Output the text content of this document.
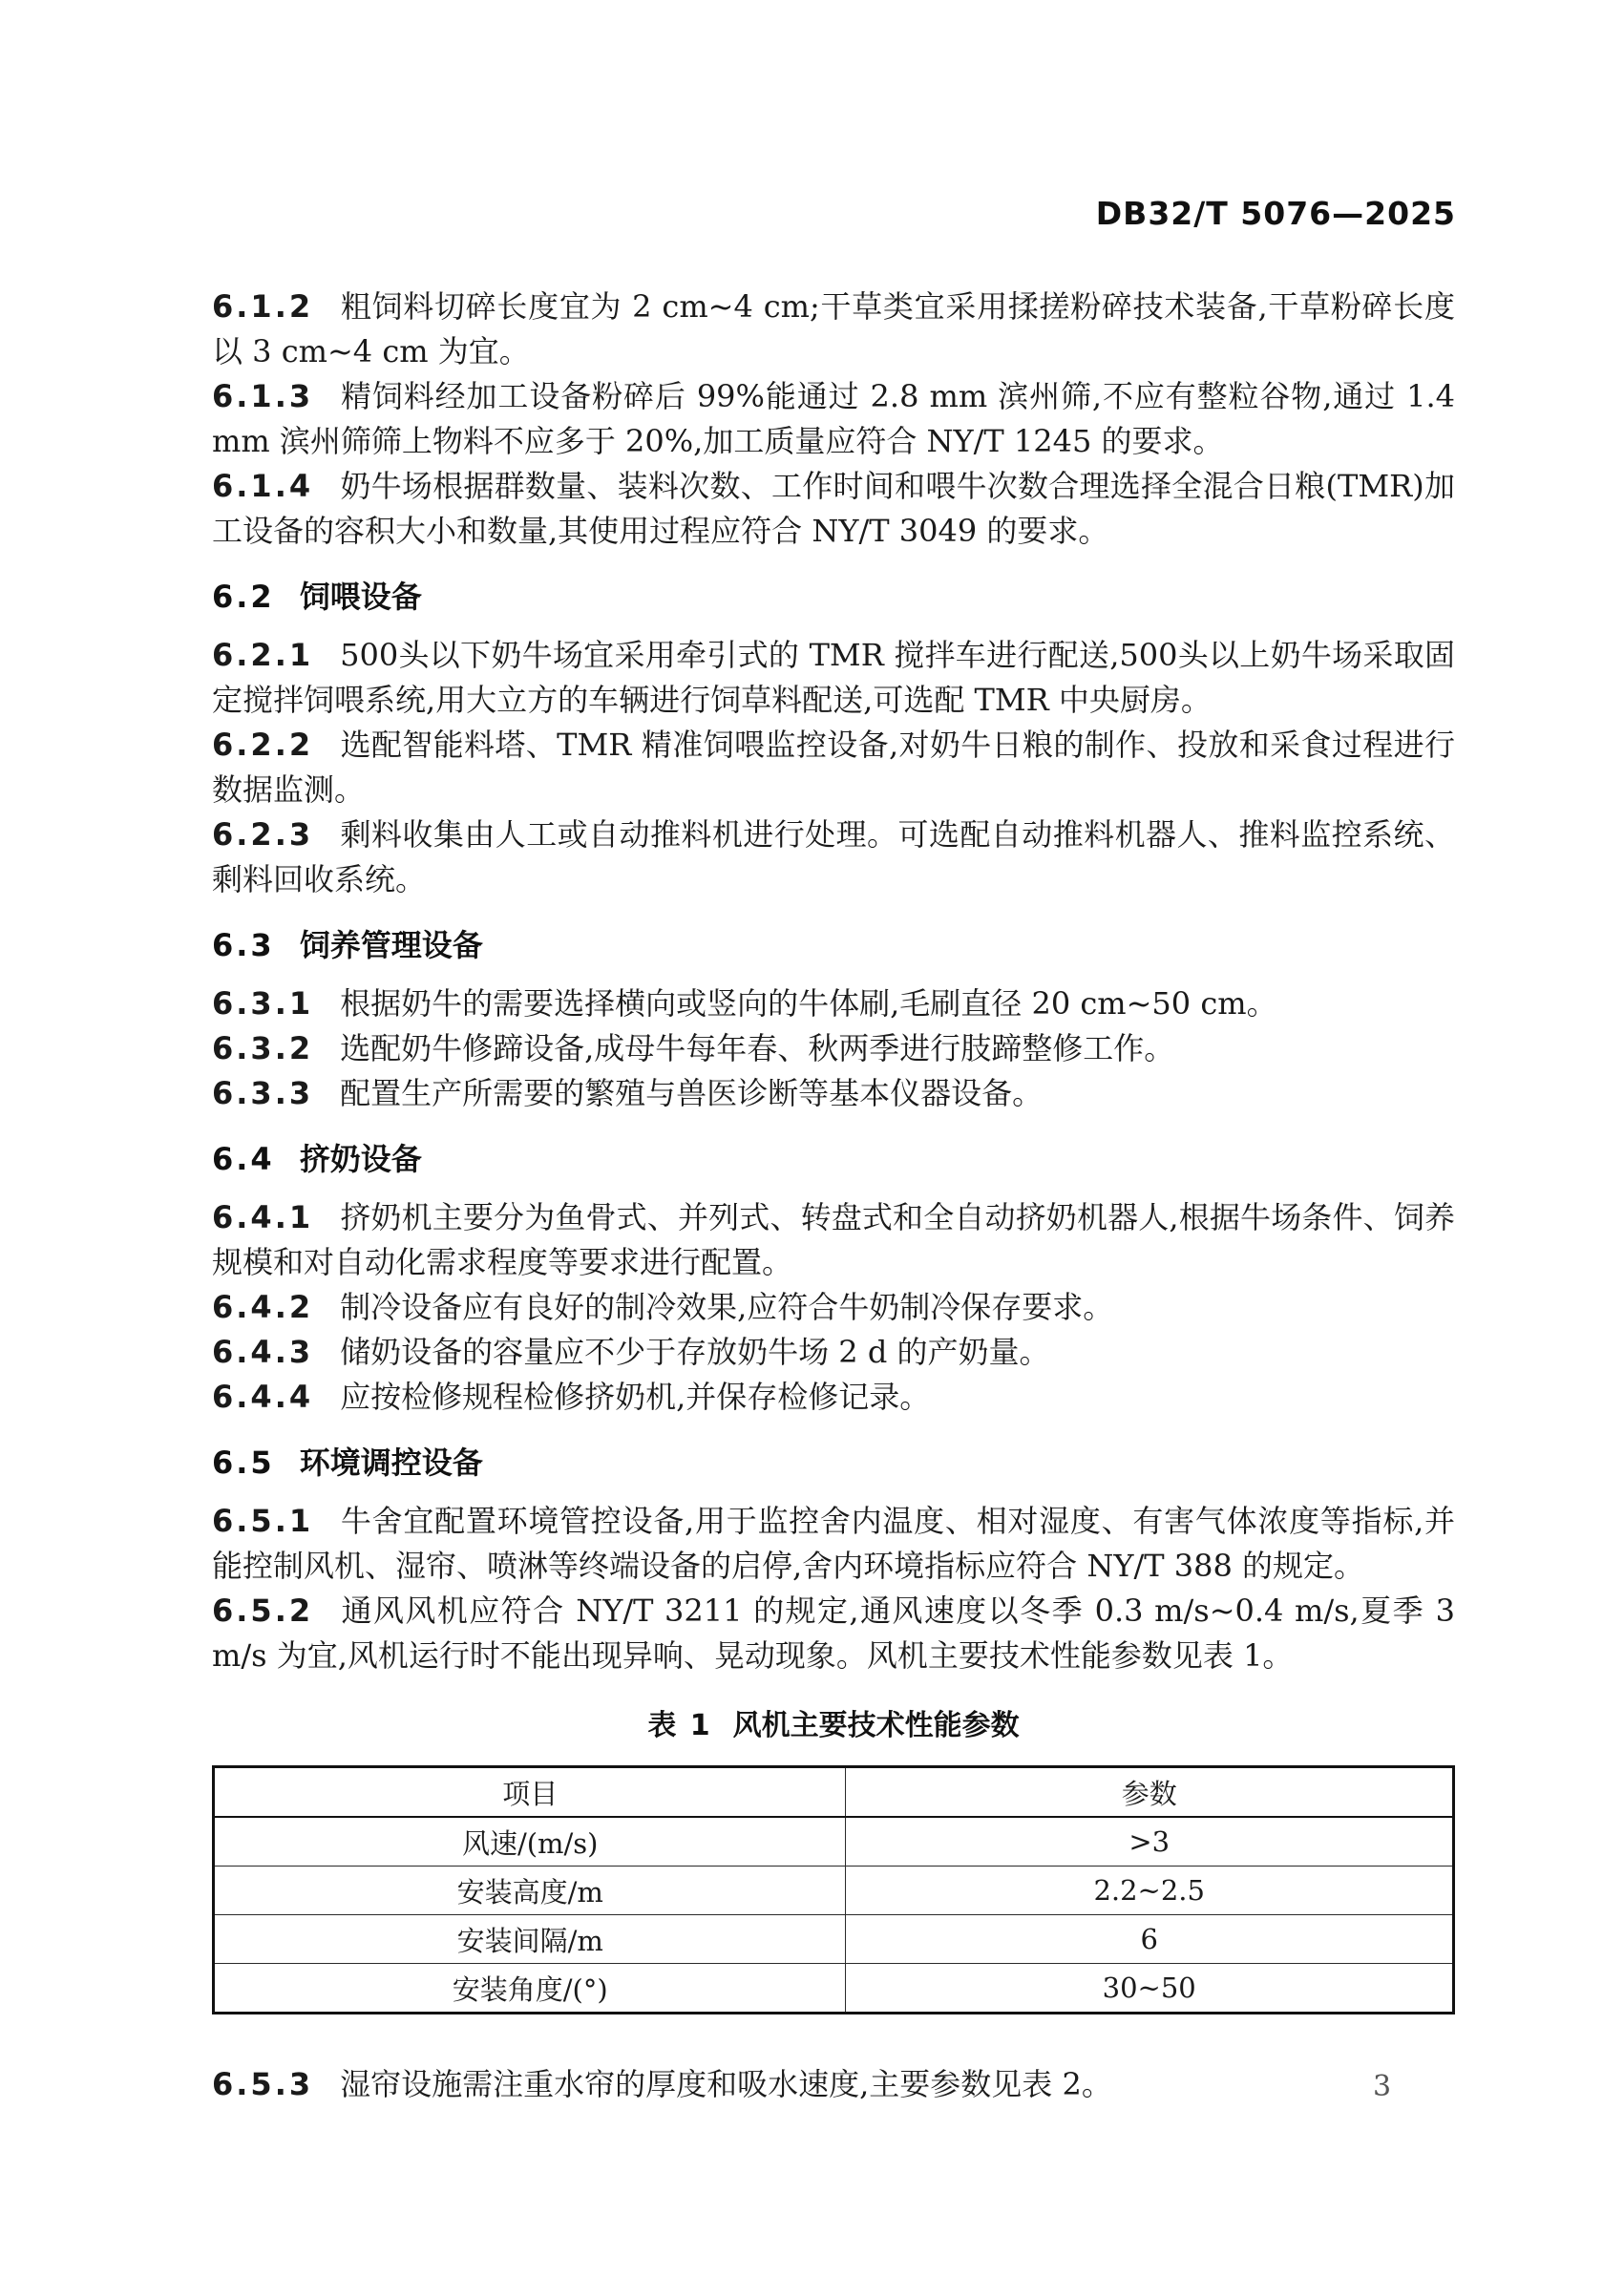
DB32/T 5076—2025

6.1.2 粗饲料切碎长度宜为 2 cm~4 cm;干草类宜采用揉搓粉碎技术装备,干草粉碎长度以 3 cm~4 cm 为宜。

6.1.3 精饲料经加工设备粉碎后 99%能通过 2.8 mm 滨州筛,不应有整粒谷物,通过 1.4 mm 滨州筛筛上物料不应多于 20%,加工质量应符合 NY/T 1245 的要求。

6.1.4 奶牛场根据群数量、装料次数、工作时间和喂牛次数合理选择全混合日粮(TMR)加工设备的容积大小和数量,其使用过程应符合 NY/T 3049 的要求。

6.2 饲喂设备

6.2.1 500头以下奶牛场宜采用牵引式的 TMR 搅拌车进行配送,500头以上奶牛场采取固定搅拌饲喂系统,用大立方的车辆进行饲草料配送,可选配 TMR 中央厨房。

6.2.2 选配智能料塔、TMR 精准饲喂监控设备,对奶牛日粮的制作、投放和采食过程进行数据监测。

6.2.3 剩料收集由人工或自动推料机进行处理。可选配自动推料机器人、推料监控系统、剩料回收系统。

6.3 饲养管理设备

6.3.1 根据奶牛的需要选择横向或竖向的牛体刷,毛刷直径 20 cm~50 cm。

6.3.2 选配奶牛修蹄设备,成母牛每年春、秋两季进行肢蹄整修工作。

6.3.3 配置生产所需要的繁殖与兽医诊断等基本仪器设备。

6.4 挤奶设备

6.4.1 挤奶机主要分为鱼骨式、并列式、转盘式和全自动挤奶机器人,根据牛场条件、饲养规模和对自动化需求程度等要求进行配置。

6.4.2 制冷设备应有良好的制冷效果,应符合牛奶制冷保存要求。

6.4.3 储奶设备的容量应不少于存放奶牛场 2 d 的产奶量。

6.4.4 应按检修规程检修挤奶机,并保存检修记录。

6.5 环境调控设备

6.5.1 牛舍宜配置环境管控设备,用于监控舍内温度、相对湿度、有害气体浓度等指标,并能控制风机、湿帘、喷淋等终端设备的启停,舍内环境指标应符合 NY/T 388 的规定。

6.5.2 通风风机应符合 NY/T 3211 的规定,通风速度以冬季 0.3 m/s~0.4 m/s,夏季 3 m/s 为宜,风机运行时不能出现异响、晃动现象。风机主要技术性能参数见表 1。

表 1 风机主要技术性能参数
项目	参数
风速/(m/s)	>3
安装高度/m	2.2~2.5
安装间隔/m	6
安装角度/(°)	30~50

6.5.3 湿帘设施需注重水帘的厚度和吸水速度,主要参数见表 2。	3
